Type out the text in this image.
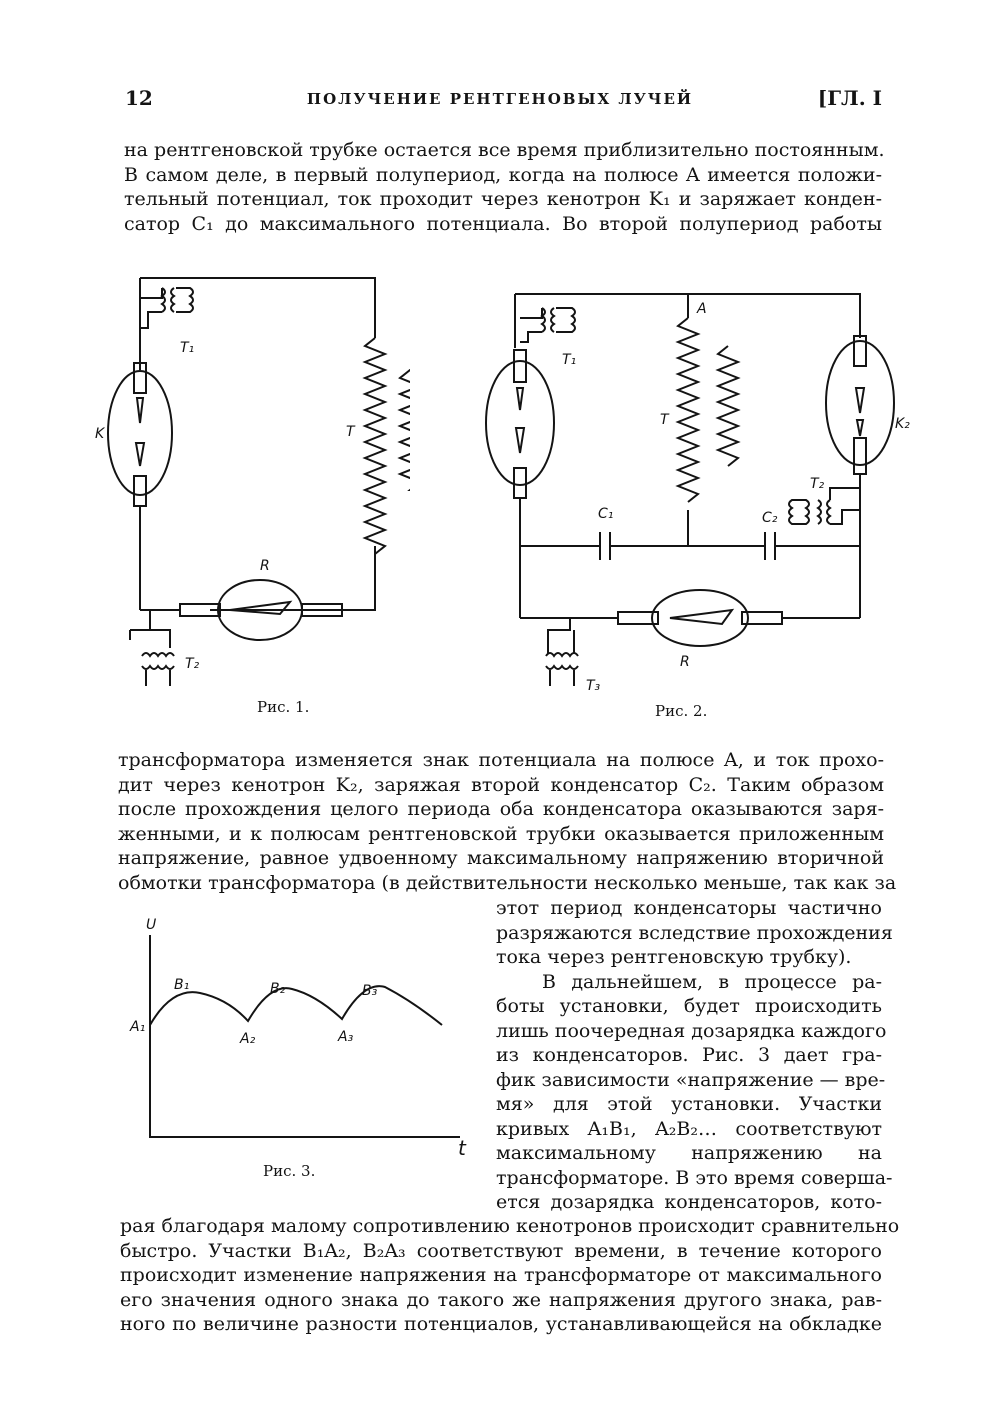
12	ПОЛУЧЕНИЕ РЕНТГЕНОВЫХ ЛУЧЕЙ	[ГЛ. I
на рентгеновской трубке остается все время приблизительно постоянным.
В самом деле, в первый полупериод, когда на полюсе A имеется положи-
тельный потенциал, ток проходит через кенотрон K₁ и заряжает конден-
сатор C₁ до максимального потенциала. Во второй полупериод работы
K
T₁
T
R
T₂
Рис. 1.
A
T₁
T	K₂
T₂
C₁	C₂
R
T₃
Рис. 2.
трансформатора изменяется знак потенциала на полюсе A, и ток прохо-
дит через кенотрон K₂, заряжая второй конденсатор C₂. Таким образом
после прохождения целого периода оба конденсатора оказываются заря-
женными, и к полюсам рентгеновской трубки оказывается приложенным
напряжение, равное удвоенному максимальному напряжению вторичной
обмотки трансформатора (в действительности несколько меньше, так как за
U
t
A₁
B₁
A₂
B₂
A₃
B₃
Рис. 3.
этот период конденсаторы частично
разряжаются вследствие прохождения
тока через рентгеновскую трубку).
В дальнейшем, в процессе ра-
боты установки, будет происходить
лишь поочередная дозарядка каждого
из конденсаторов. Рис. 3 дает гра-
фик зависимости «напряжение — вре-
мя» для этой установки. Участки
кривых A₁B₁, A₂B₂… соответствуют
максимальному напряжению на
трансформаторе. В это время соверша-
ется дозарядка конденсаторов, кото-
рая благодаря малому сопротивлению кенотронов происходит сравнительно
быстро. Участки B₁A₂, B₂A₃ соответствуют времени, в течение которого
происходит изменение напряжения на трансформаторе от максимального
его значения одного знака до такого же напряжения другого знака, рав-
ного по величине разности потенциалов, устанавливающейся на обкладке
